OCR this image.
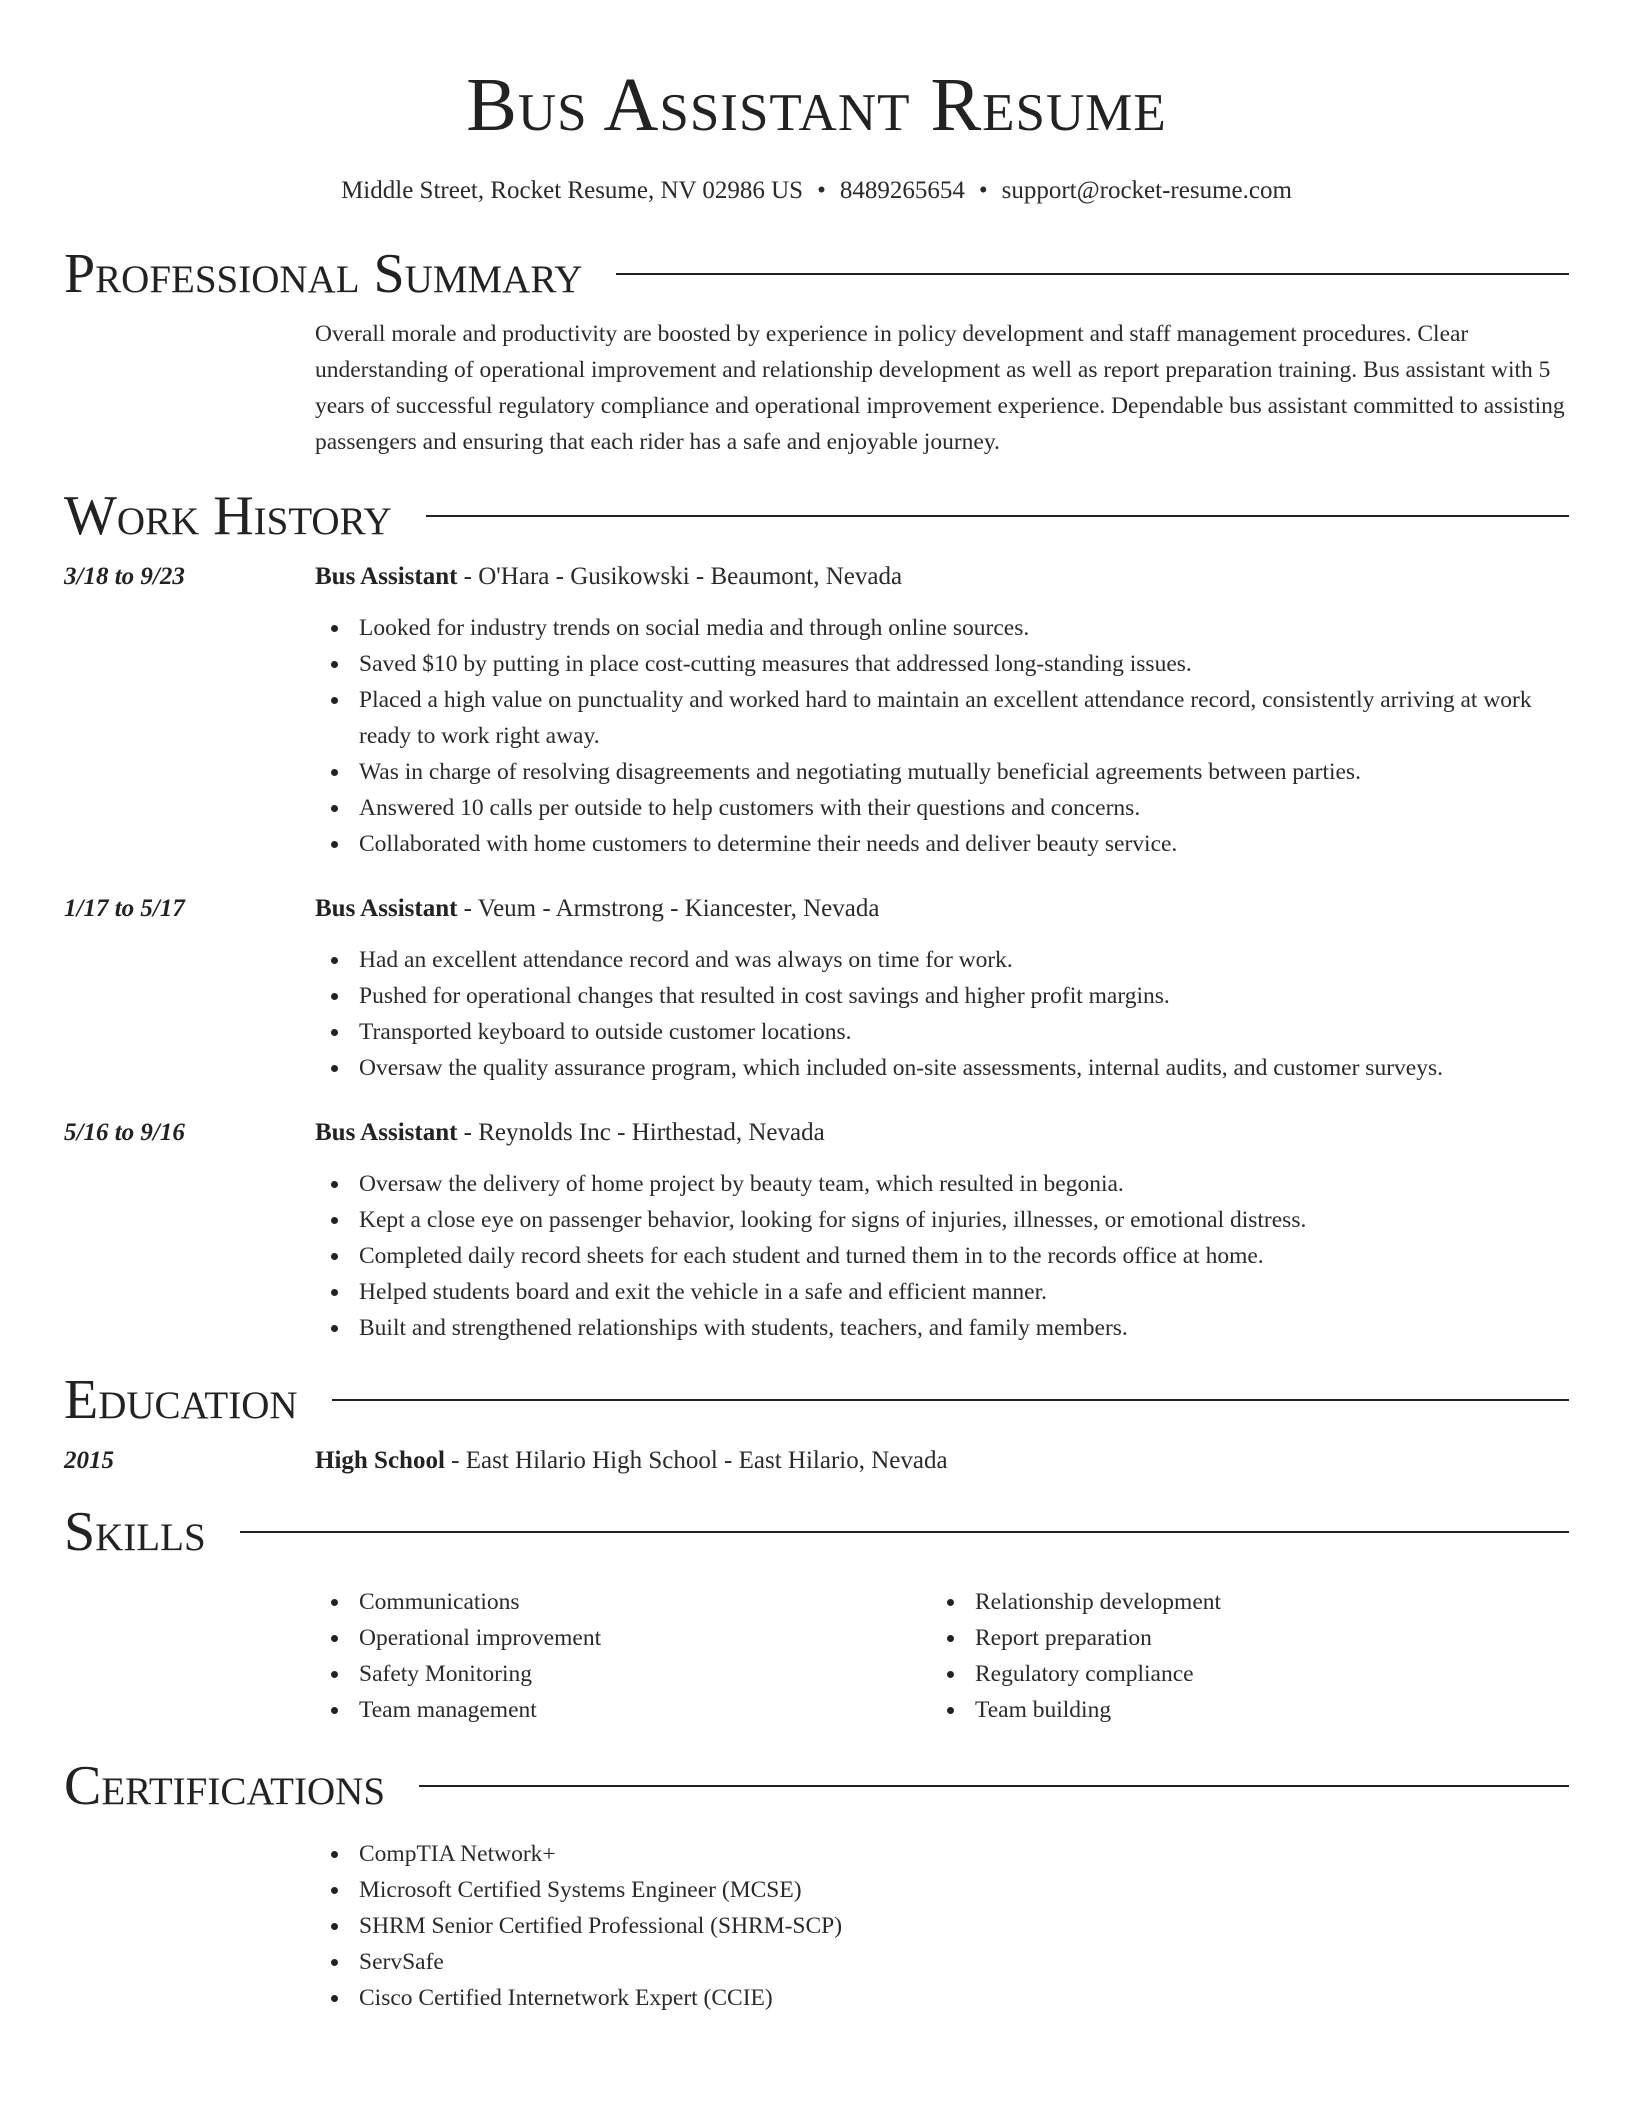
Bus Assistant Resume
Middle Street, Rocket Resume, NV 02986 US • 8489265654 • support@rocket-resume.com
Professional Summary
Overall morale and productivity are boosted by experience in policy development and staff management procedures. Clear understanding of operational improvement and relationship development as well as report preparation training. Bus assistant with 5 years of successful regulatory compliance and operational improvement experience. Dependable bus assistant committed to assisting passengers and ensuring that each rider has a safe and enjoyable journey.
Work History
3/18 to 9/23	Bus Assistant - O'Hara - Gusikowski - Beaumont, Nevada
Looked for industry trends on social media and through online sources.
Saved $10 by putting in place cost-cutting measures that addressed long-standing issues.
Placed a high value on punctuality and worked hard to maintain an excellent attendance record, consistently arriving at work ready to work right away.
Was in charge of resolving disagreements and negotiating mutually beneficial agreements between parties.
Answered 10 calls per outside to help customers with their questions and concerns.
Collaborated with home customers to determine their needs and deliver beauty service.
1/17 to 5/17	Bus Assistant - Veum - Armstrong - Kiancester, Nevada
Had an excellent attendance record and was always on time for work.
Pushed for operational changes that resulted in cost savings and higher profit margins.
Transported keyboard to outside customer locations.
Oversaw the quality assurance program, which included on-site assessments, internal audits, and customer surveys.
5/16 to 9/16	Bus Assistant - Reynolds Inc - Hirthestad, Nevada
Oversaw the delivery of home project by beauty team, which resulted in begonia.
Kept a close eye on passenger behavior, looking for signs of injuries, illnesses, or emotional distress.
Completed daily record sheets for each student and turned them in to the records office at home.
Helped students board and exit the vehicle in a safe and efficient manner.
Built and strengthened relationships with students, teachers, and family members.
Education
2015	High School - East Hilario High School - East Hilario, Nevada
Skills
Communications
Operational improvement
Safety Monitoring
Team management
Relationship development
Report preparation
Regulatory compliance
Team building
Certifications
CompTIA Network+
Microsoft Certified Systems Engineer (MCSE)
SHRM Senior Certified Professional (SHRM-SCP)
ServSafe
Cisco Certified Internetwork Expert (CCIE)
